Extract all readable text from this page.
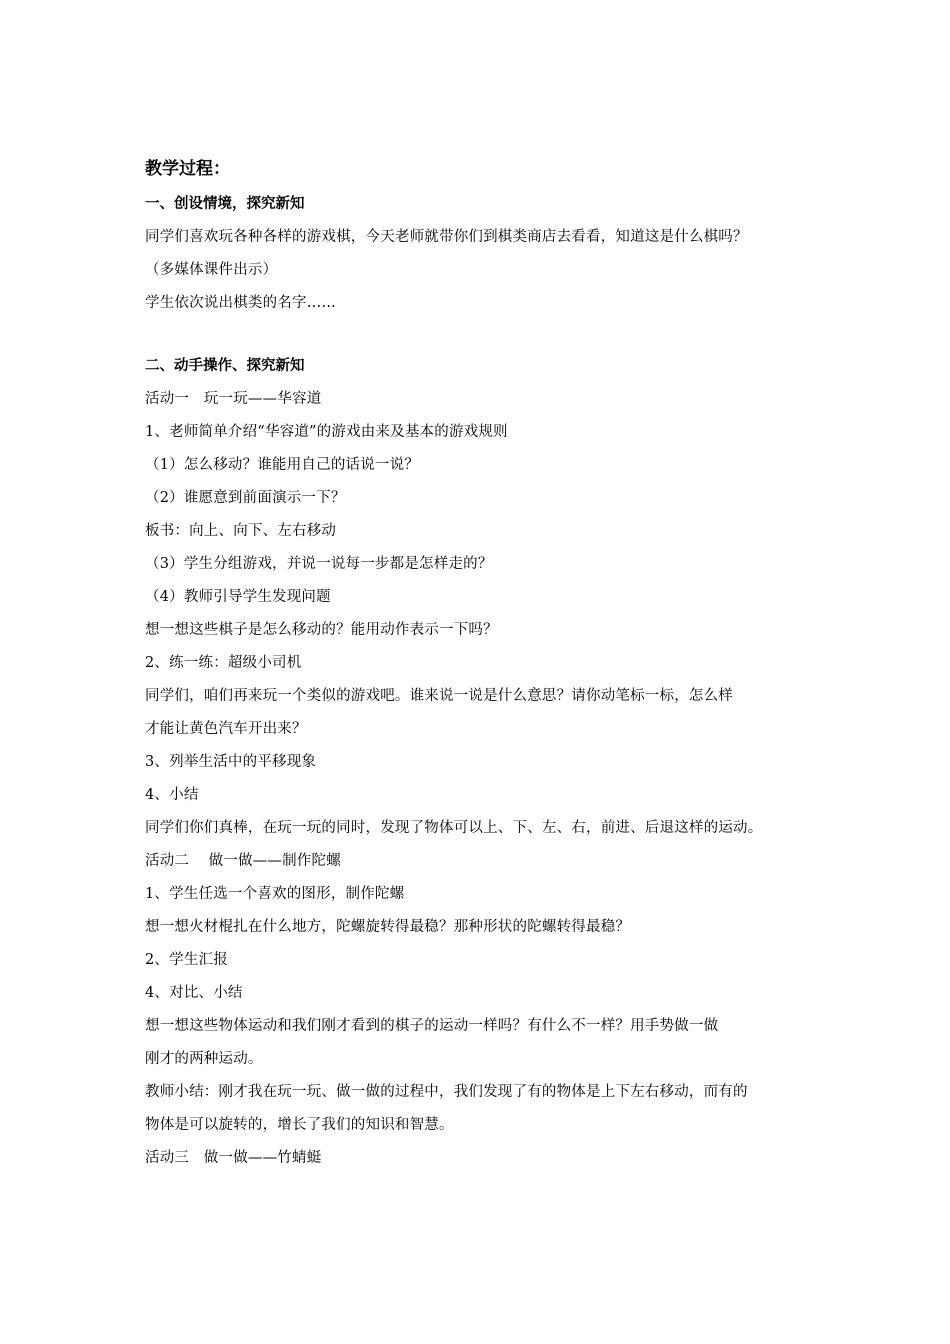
教学过程：
一、创设情境，探究新知
同学们喜欢玩各种各样的游戏棋，今天老师就带你们到棋类商店去看看，知道这是什么棋吗？
（多媒体课件出示）
学生依次说出棋类的名字……
二、动手操作、探究新知
活动一　玩一玩——华容道
1、老师简单介绍“华容道”的游戏由来及基本的游戏规则
（1）怎么移动？谁能用自己的话说一说？
（2）谁愿意到前面演示一下？
板书：向上、向下、左右移动
（3）学生分组游戏，并说一说每一步都是怎样走的？
（4）教师引导学生发现问题
想一想这些棋子是怎么移动的？能用动作表示一下吗？
2、练一练：超级小司机
同学们，咱们再来玩一个类似的游戏吧。谁来说一说是什么意思？请你动笔标一标，怎么样
才能让黄色汽车开出来？
3、列举生活中的平移现象
4、小结
同学们你们真棒，在玩一玩的同时，发现了物体可以上、下、左、右，前进、后退这样的运动。
活动二　 做一做——制作陀螺
1、学生任选一个喜欢的图形，制作陀螺
想一想火材棍扎在什么地方，陀螺旋转得最稳？那种形状的陀螺转得最稳？
2、学生汇报
4、对比、小结
想一想这些物体运动和我们刚才看到的棋子的运动一样吗？有什么不一样？用手势做一做
刚才的两种运动。
教师小结：刚才我在玩一玩、做一做的过程中，我们发现了有的物体是上下左右移动，而有的
物体是可以旋转的，增长了我们的知识和智慧。
活动三　做一做——竹蜻蜓
